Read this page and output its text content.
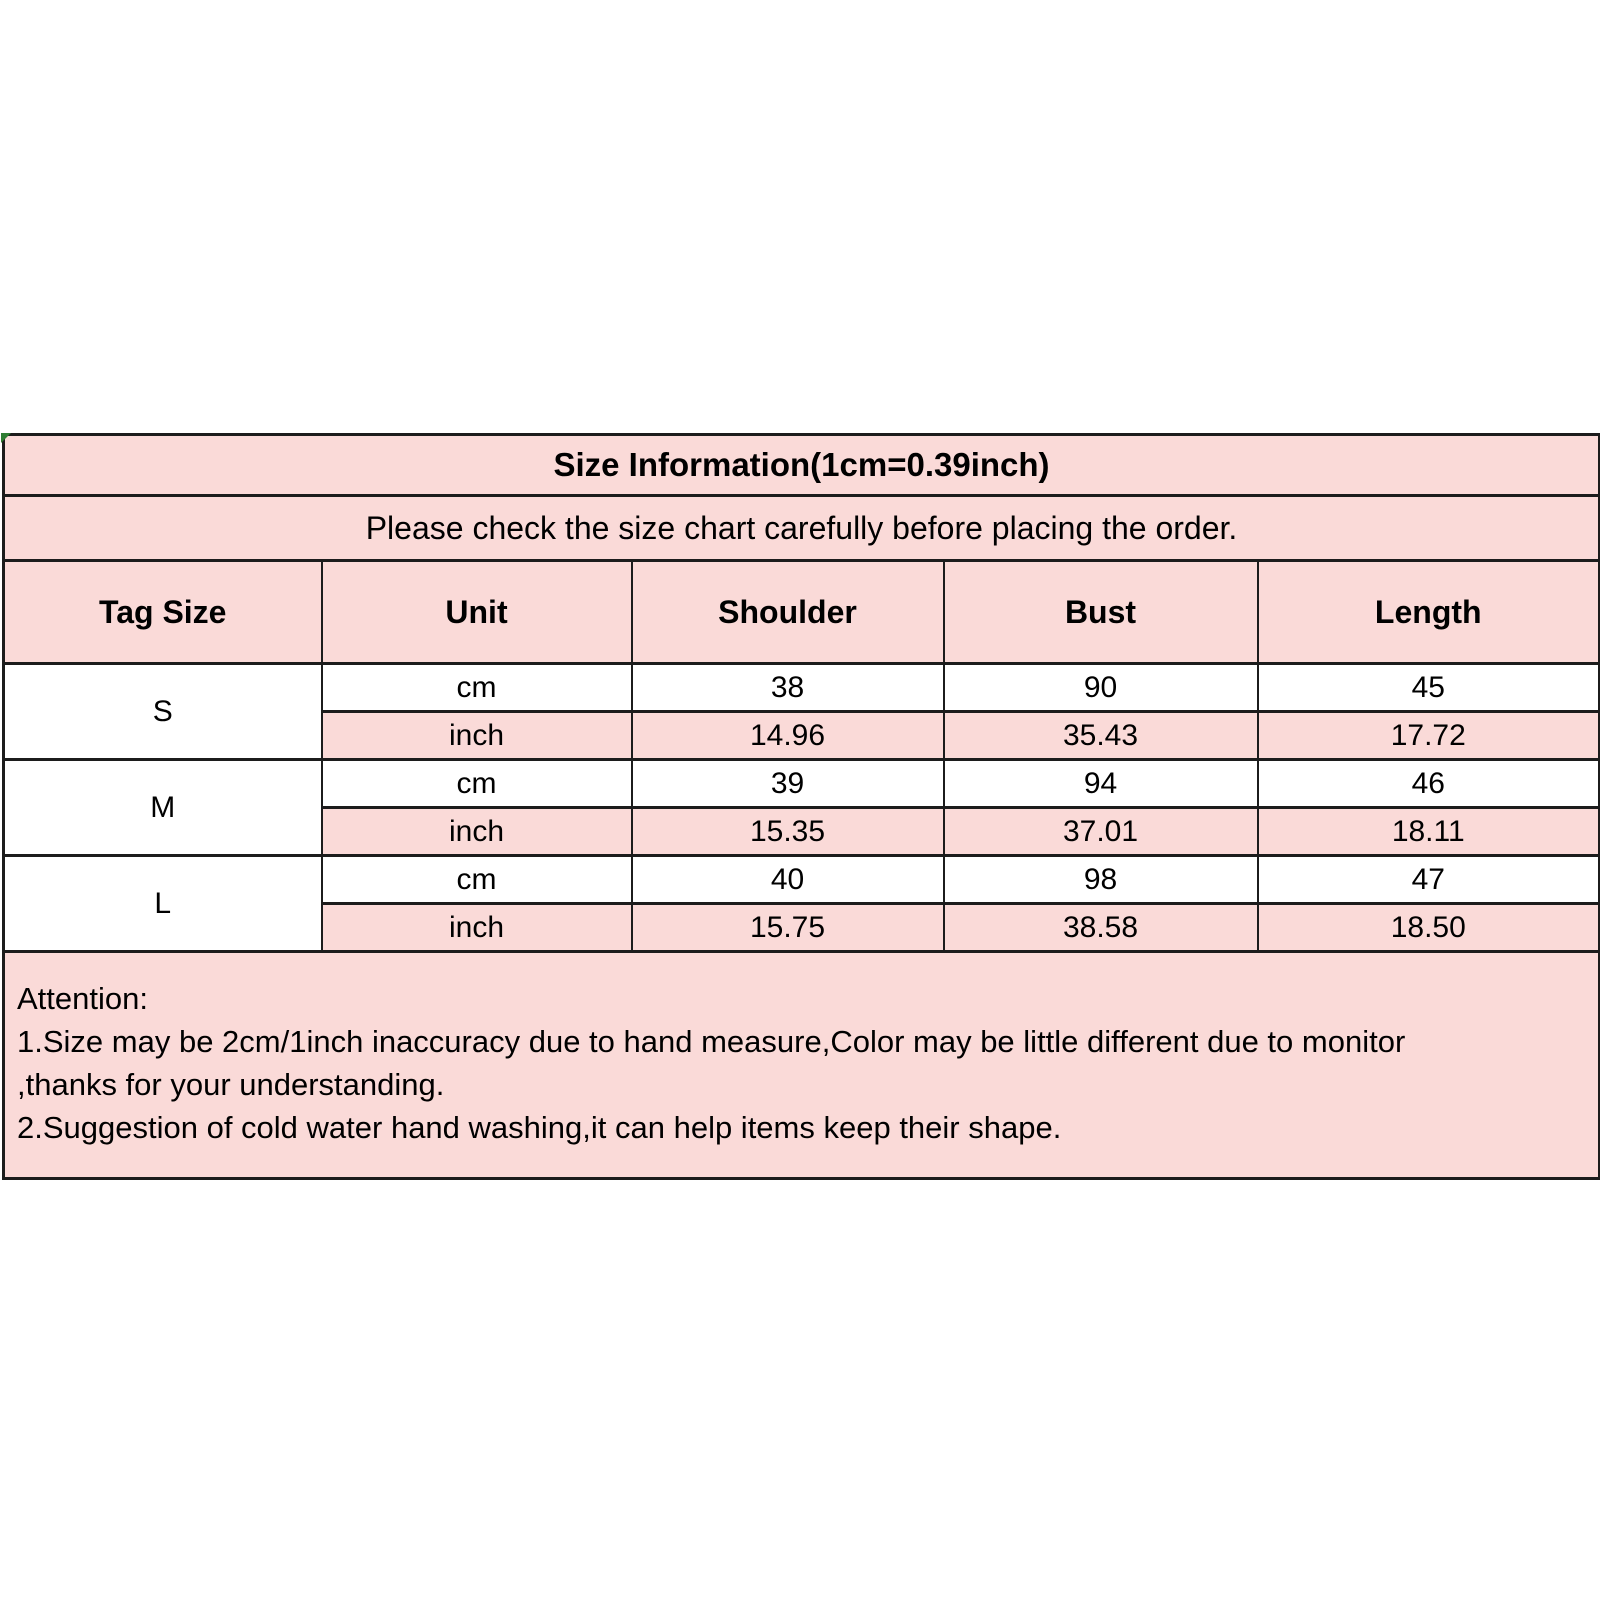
Size Information(1cm=0.39inch)				
Please check the size chart carefully before placing the order.				
Tag Size	Unit	Shoulder	Bust	Length
S	cm	38	90	45
	inch	14.96	35.43	17.72
M	cm	39	94	46
	inch	15.35	37.01	18.11
L	cm	40	98	47
	inch	15.75	38.58	18.50

Attention:
1.Size may be 2cm/1inch inaccuracy due to hand measure,Color may be little different due to monitor
,thanks for your understanding.
2.Suggestion of cold water hand washing,it can help items keep their shape.				
